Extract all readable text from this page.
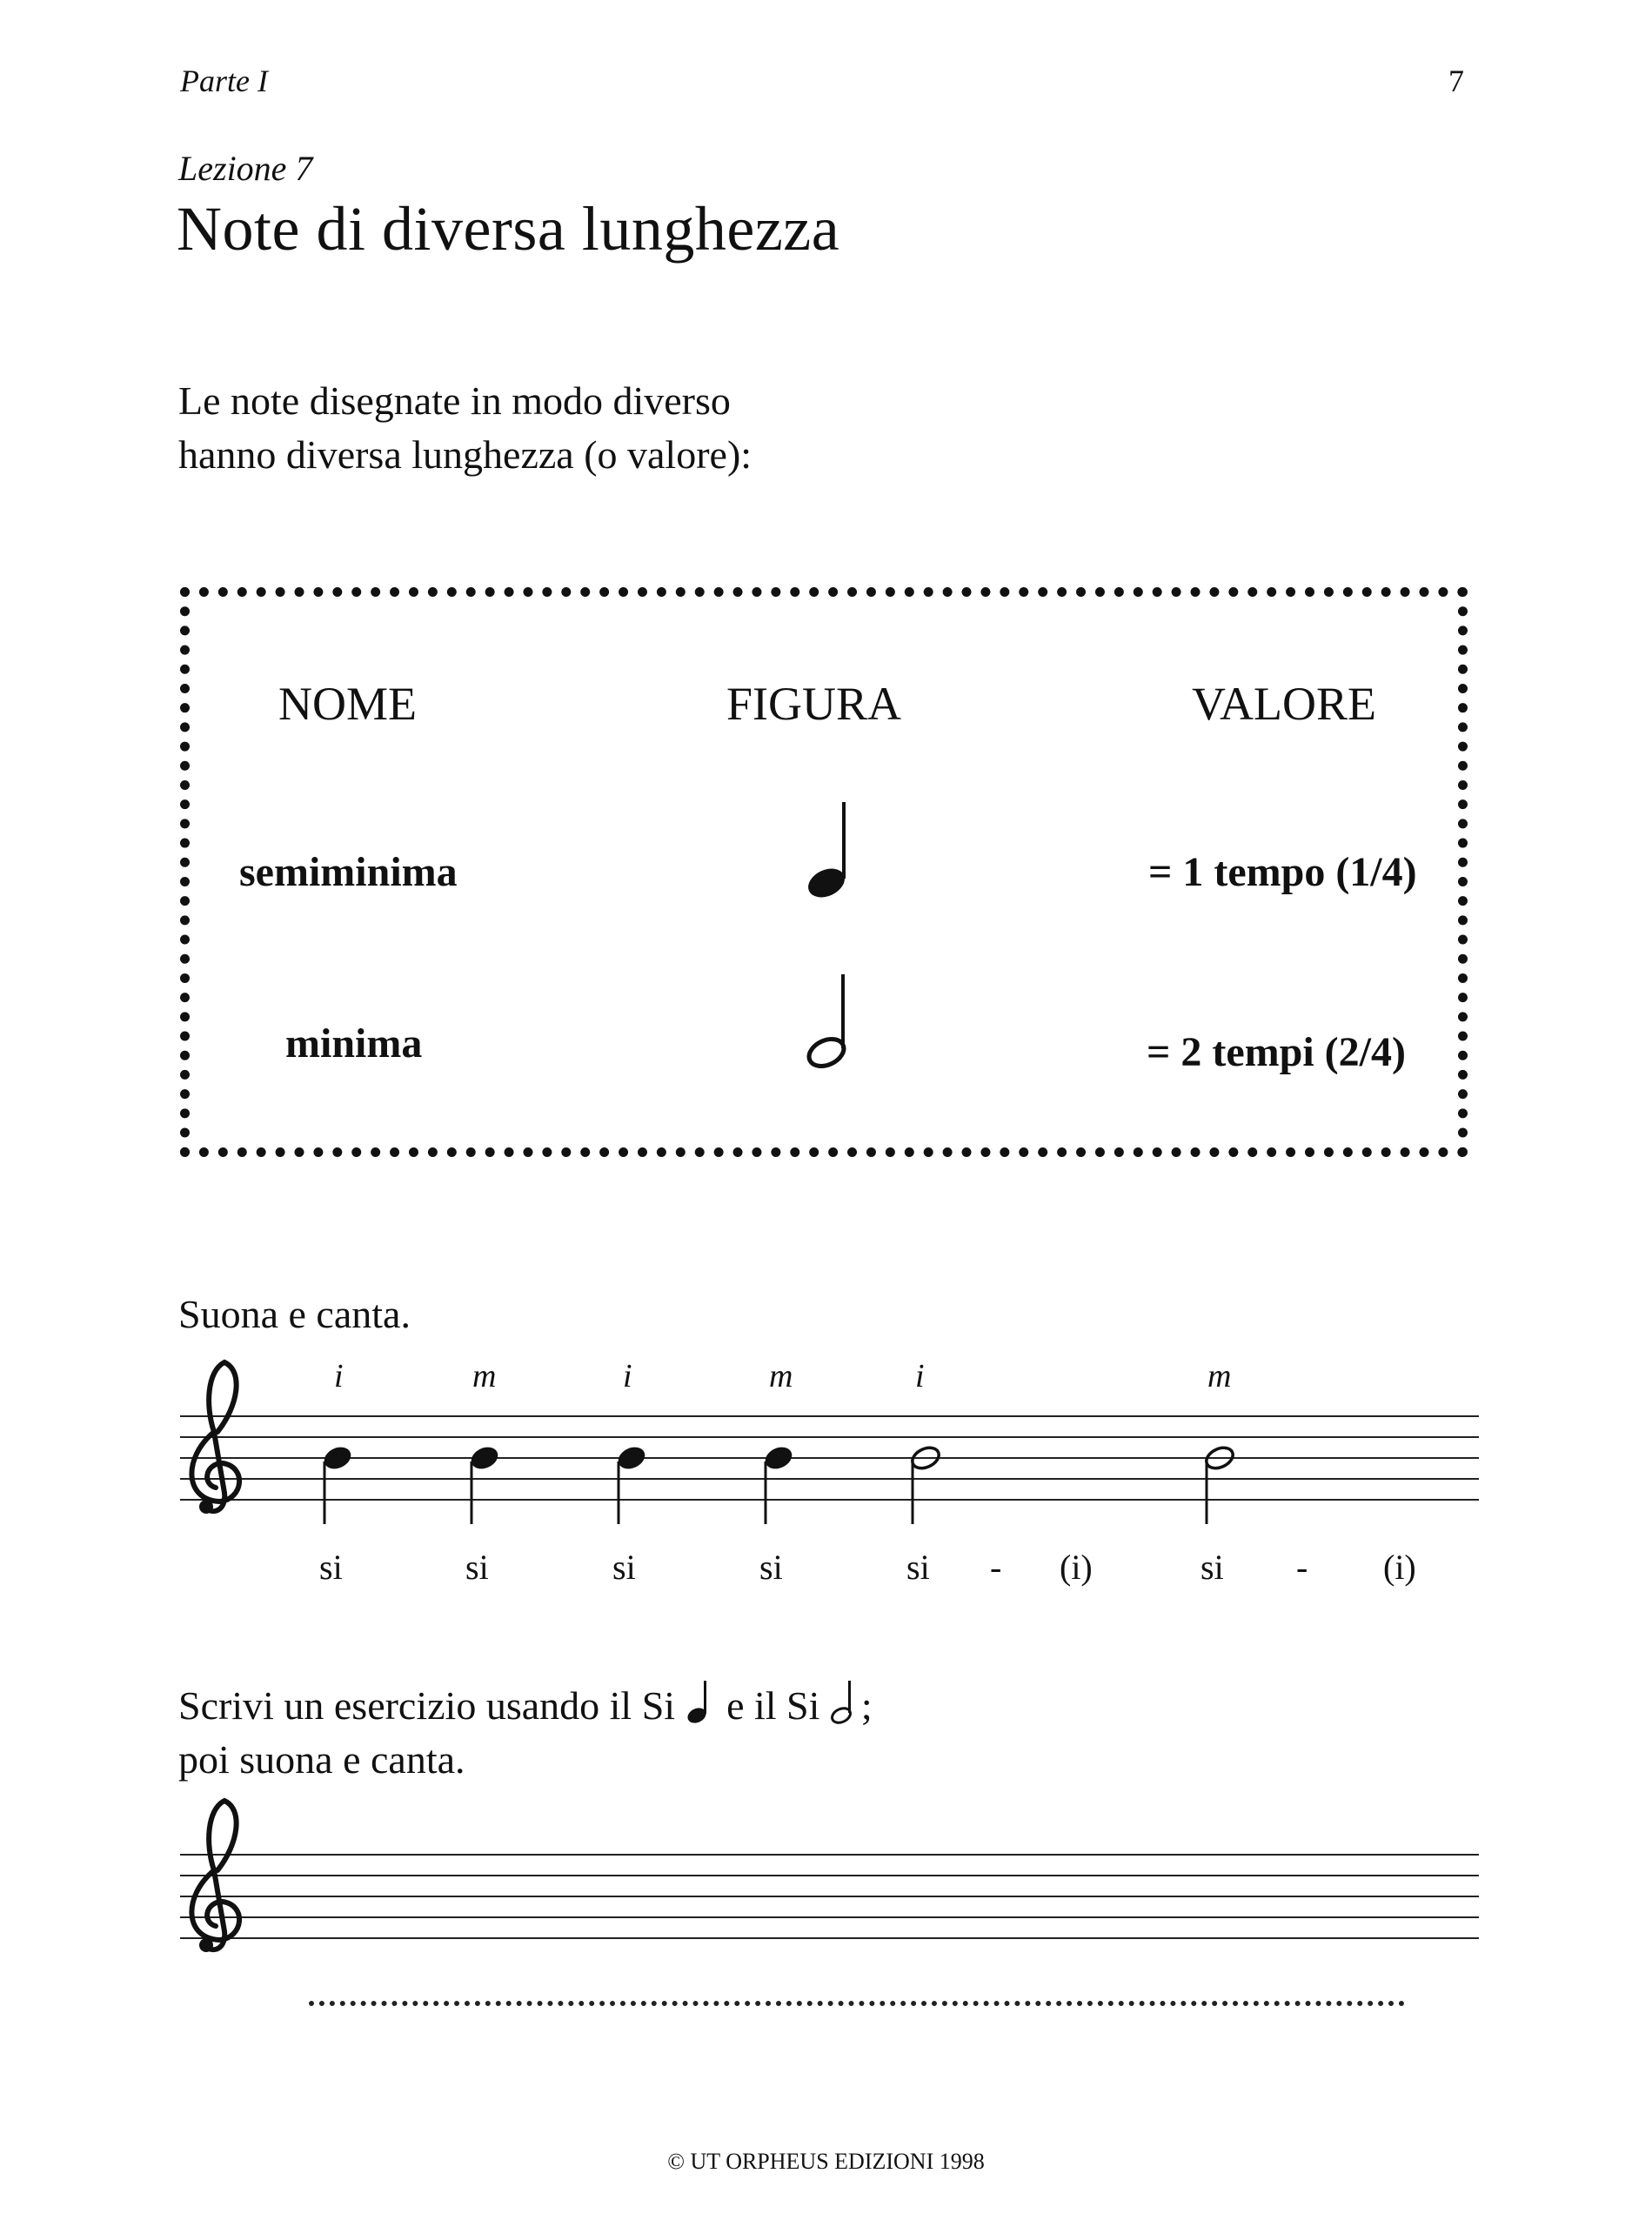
Parte I	7
Lezione 7
Note di diversa lunghezza
Le note disegnate in modo diverso
hanno diversa lunghezza (o valore):
NOME	FIGURA	VALORE
semiminima	= 1 tempo (1/4)
minima	= 2 tempi (2/4)
Suona e canta.
i	m	i	m	i	m
si	si	si	si	si - (i)	si - (i)
Scrivi un esercizio usando il Si e il Si ;
poi suona e canta.
© UT ORPHEUS EDIZIONI 1998
